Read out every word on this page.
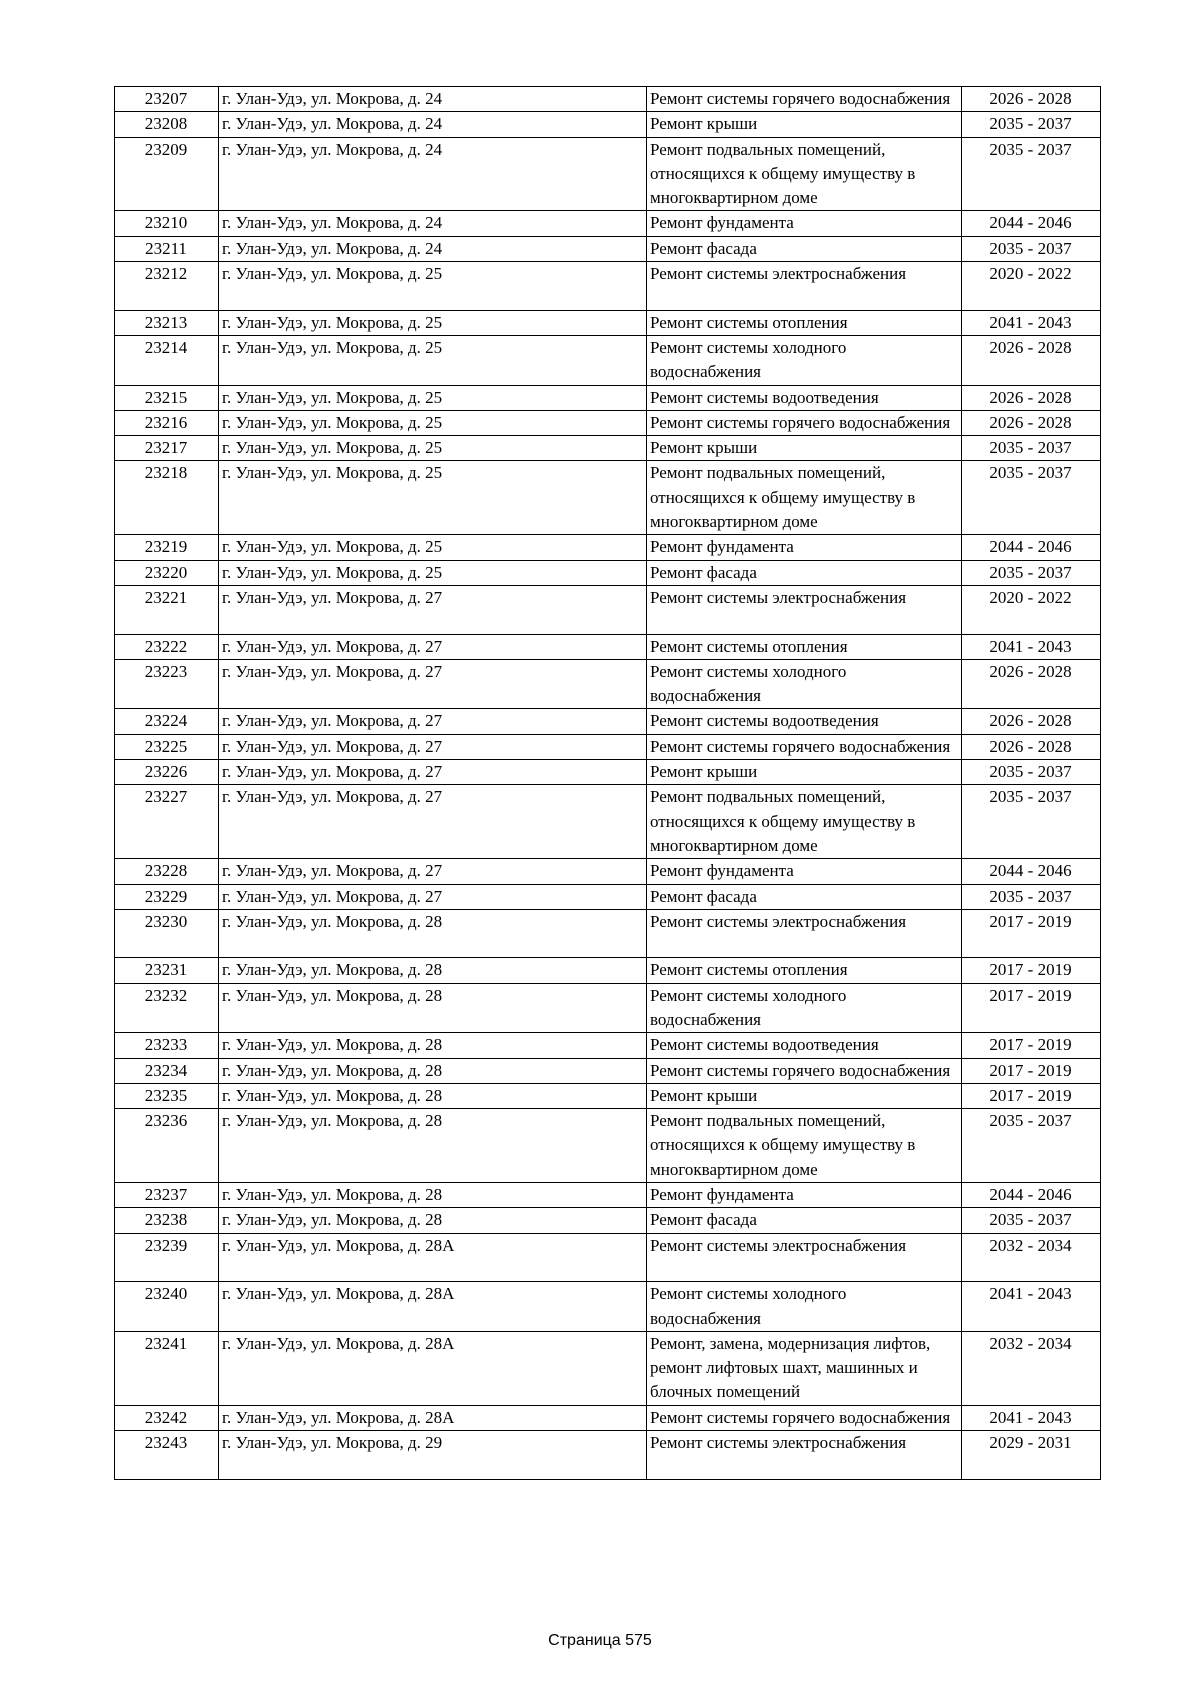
23207	г. Улан-Удэ, ул. Мокрова, д. 24	Ремонт системы горячего водоснабжения	2026 - 2028
23208	г. Улан-Удэ, ул. Мокрова, д. 24	Ремонт крыши	2035 - 2037
23209	г. Улан-Удэ, ул. Мокрова, д. 24	Ремонт подвальных помещений, относящихся к общему имуществу в многоквартирном доме	2035 - 2037
23210	г. Улан-Удэ, ул. Мокрова, д. 24	Ремонт фундамента	2044 - 2046
23211	г. Улан-Удэ, ул. Мокрова, д. 24	Ремонт фасада	2035 - 2037
23212	г. Улан-Удэ, ул. Мокрова, д. 25	Ремонт системы электроснабжения	2020 - 2022
23213	г. Улан-Удэ, ул. Мокрова, д. 25	Ремонт системы отопления	2041 - 2043
23214	г. Улан-Удэ, ул. Мокрова, д. 25	Ремонт системы холодного водоснабжения	2026 - 2028
23215	г. Улан-Удэ, ул. Мокрова, д. 25	Ремонт системы водоотведения	2026 - 2028
23216	г. Улан-Удэ, ул. Мокрова, д. 25	Ремонт системы горячего водоснабжения	2026 - 2028
23217	г. Улан-Удэ, ул. Мокрова, д. 25	Ремонт крыши	2035 - 2037
23218	г. Улан-Удэ, ул. Мокрова, д. 25	Ремонт подвальных помещений, относящихся к общему имуществу в многоквартирном доме	2035 - 2037
23219	г. Улан-Удэ, ул. Мокрова, д. 25	Ремонт фундамента	2044 - 2046
23220	г. Улан-Удэ, ул. Мокрова, д. 25	Ремонт фасада	2035 - 2037
23221	г. Улан-Удэ, ул. Мокрова, д. 27	Ремонт системы электроснабжения	2020 - 2022
23222	г. Улан-Удэ, ул. Мокрова, д. 27	Ремонт системы отопления	2041 - 2043
23223	г. Улан-Удэ, ул. Мокрова, д. 27	Ремонт системы холодного водоснабжения	2026 - 2028
23224	г. Улан-Удэ, ул. Мокрова, д. 27	Ремонт системы водоотведения	2026 - 2028
23225	г. Улан-Удэ, ул. Мокрова, д. 27	Ремонт системы горячего водоснабжения	2026 - 2028
23226	г. Улан-Удэ, ул. Мокрова, д. 27	Ремонт крыши	2035 - 2037
23227	г. Улан-Удэ, ул. Мокрова, д. 27	Ремонт подвальных помещений, относящихся к общему имуществу в многоквартирном доме	2035 - 2037
23228	г. Улан-Удэ, ул. Мокрова, д. 27	Ремонт фундамента	2044 - 2046
23229	г. Улан-Удэ, ул. Мокрова, д. 27	Ремонт фасада	2035 - 2037
23230	г. Улан-Удэ, ул. Мокрова, д. 28	Ремонт системы электроснабжения	2017 - 2019
23231	г. Улан-Удэ, ул. Мокрова, д. 28	Ремонт системы отопления	2017 - 2019
23232	г. Улан-Удэ, ул. Мокрова, д. 28	Ремонт системы холодного водоснабжения	2017 - 2019
23233	г. Улан-Удэ, ул. Мокрова, д. 28	Ремонт системы водоотведения	2017 - 2019
23234	г. Улан-Удэ, ул. Мокрова, д. 28	Ремонт системы горячего водоснабжения	2017 - 2019
23235	г. Улан-Удэ, ул. Мокрова, д. 28	Ремонт крыши	2017 - 2019
23236	г. Улан-Удэ, ул. Мокрова, д. 28	Ремонт подвальных помещений, относящихся к общему имуществу в многоквартирном доме	2035 - 2037
23237	г. Улан-Удэ, ул. Мокрова, д. 28	Ремонт фундамента	2044 - 2046
23238	г. Улан-Удэ, ул. Мокрова, д. 28	Ремонт фасада	2035 - 2037
23239	г. Улан-Удэ, ул. Мокрова, д. 28А	Ремонт системы электроснабжения	2032 - 2034
23240	г. Улан-Удэ, ул. Мокрова, д. 28А	Ремонт системы холодного водоснабжения	2041 - 2043
23241	г. Улан-Удэ, ул. Мокрова, д. 28А	Ремонт, замена, модернизация лифтов, ремонт лифтовых шахт, машинных и блочных помещений	2032 - 2034
23242	г. Улан-Удэ, ул. Мокрова, д. 28А	Ремонт системы горячего водоснабжения	2041 - 2043
23243	г. Улан-Удэ, ул. Мокрова, д. 29	Ремонт системы электроснабжения	2029 - 2031
Страница 575
